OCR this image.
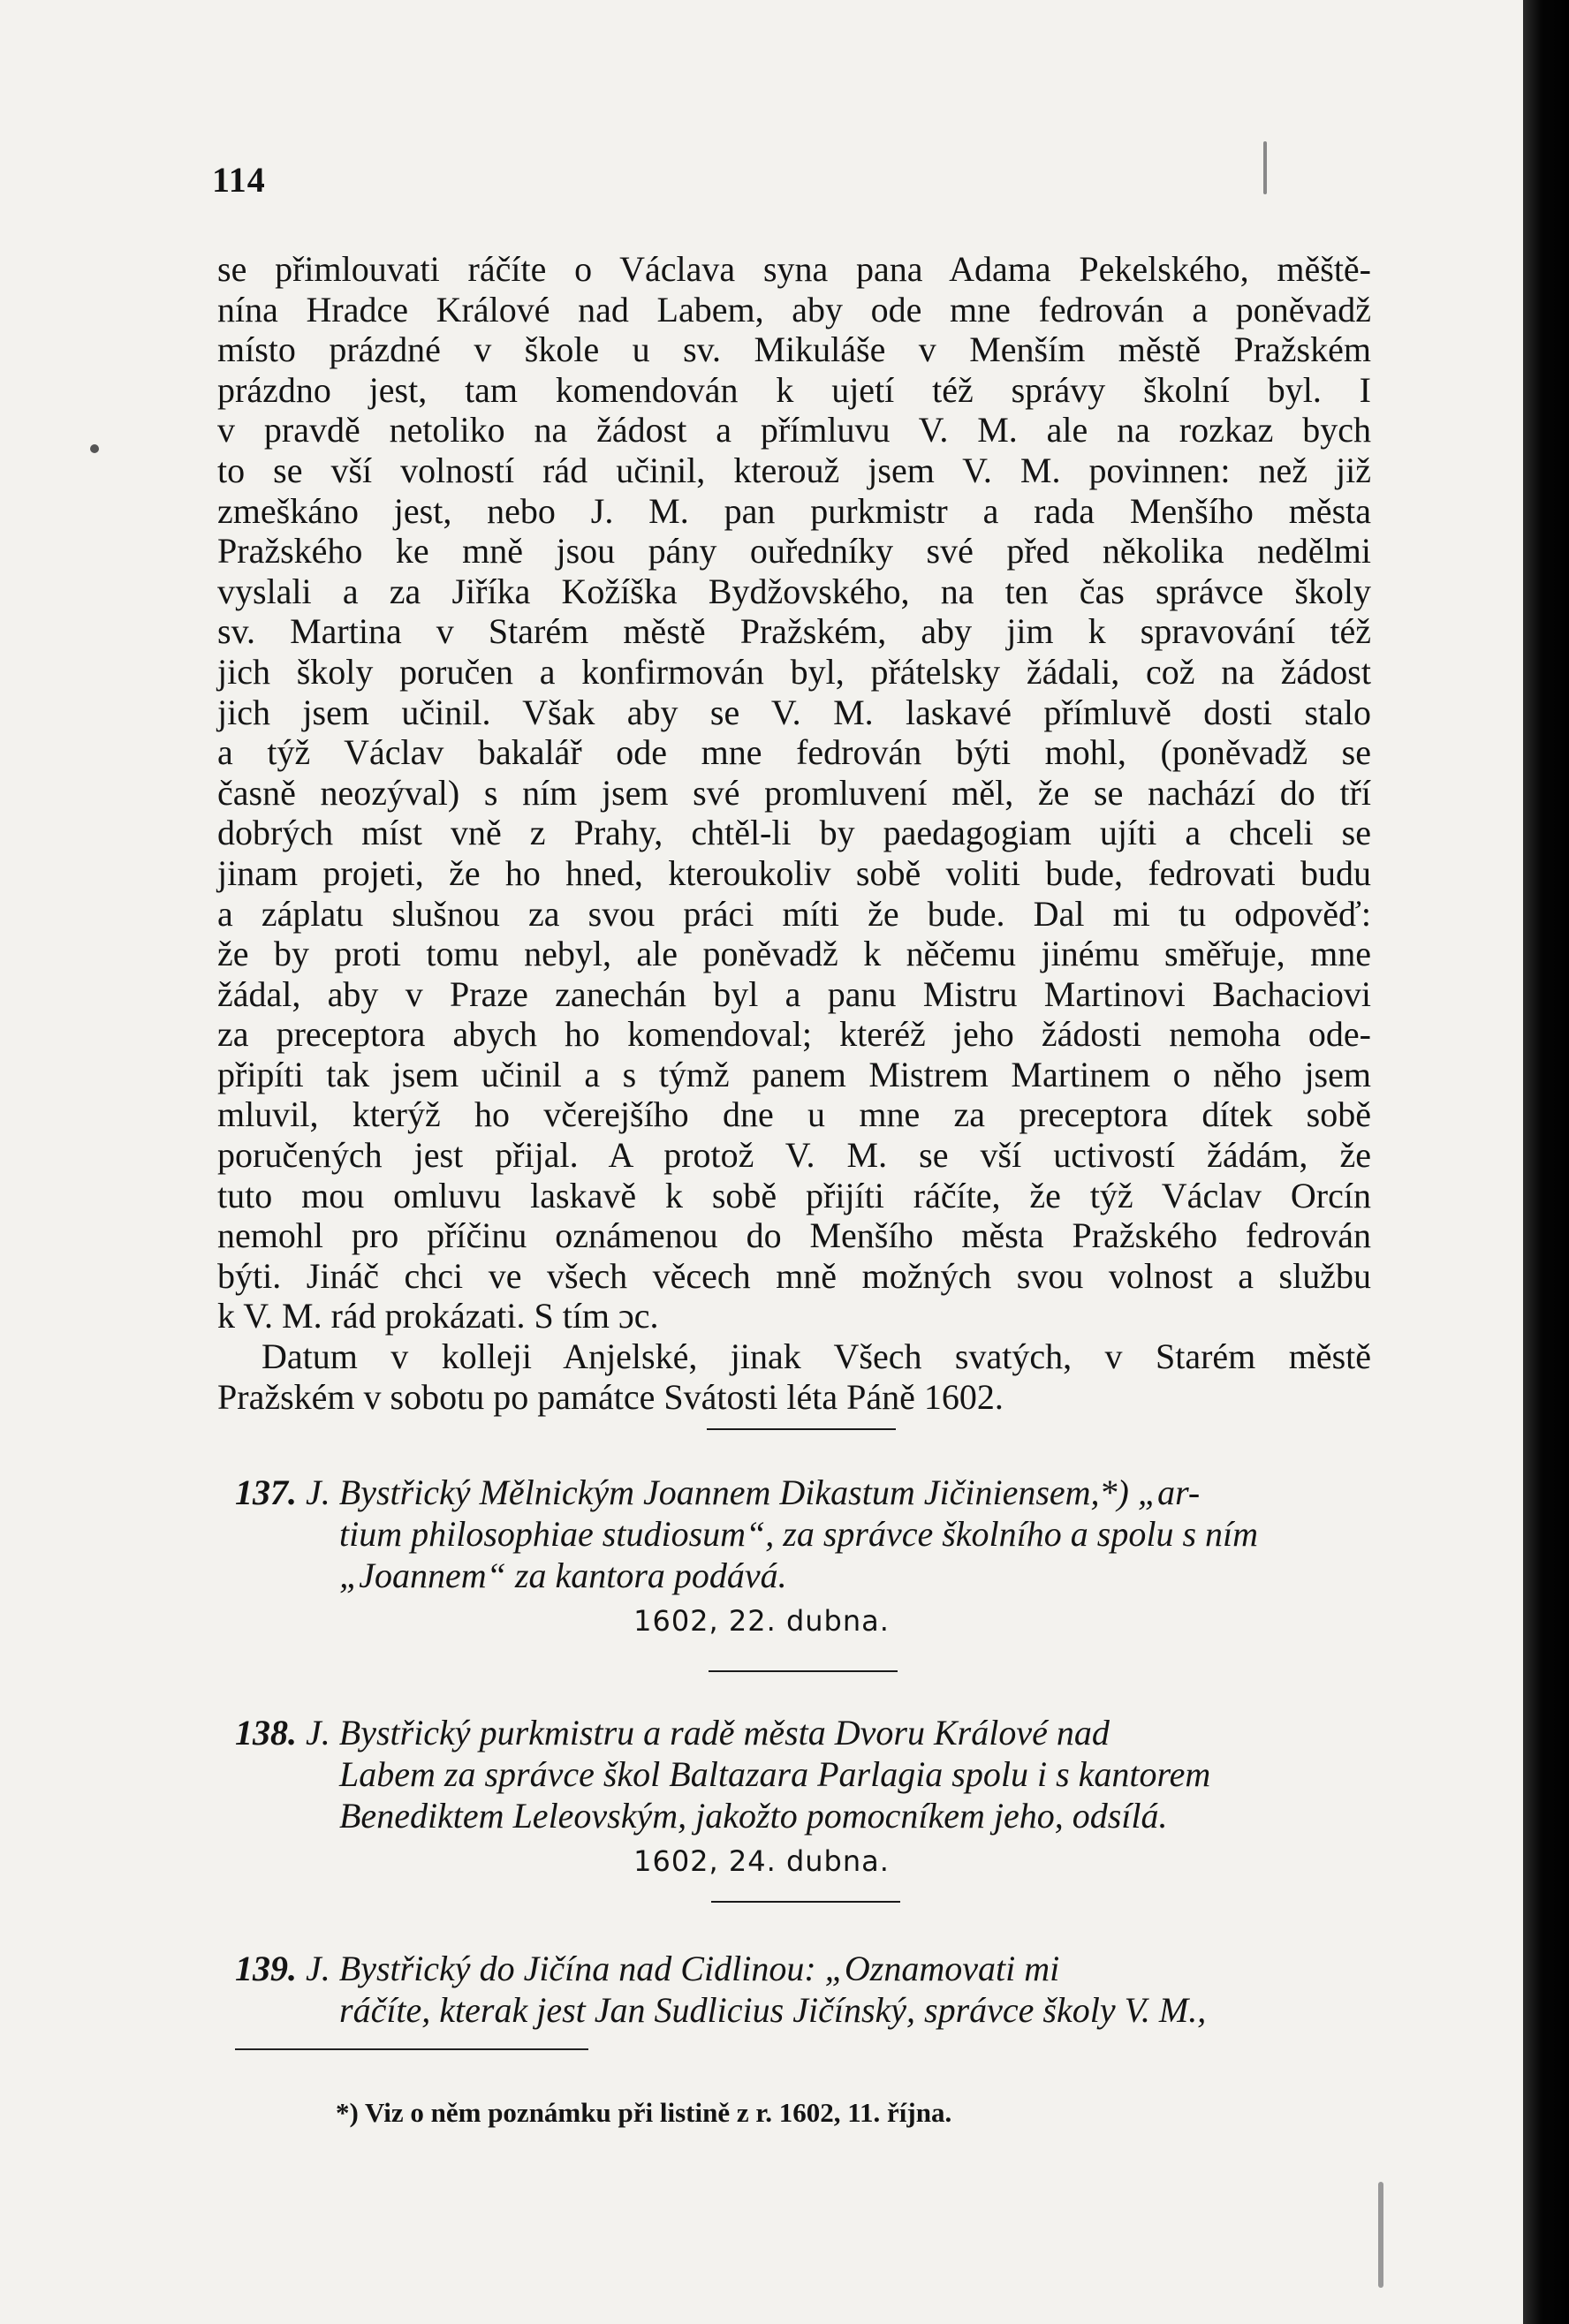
114
se přimlouvati ráčíte o Václava syna pana Adama Pekelského, měště-
nína Hradce Králové nad Labem, aby ode mne fedrován a poněvadž
místo prázdné v škole u sv. Mikuláše v Menším městě Pražském
prázdno jest, tam komendován k ujetí též správy školní byl. I
v pravdě netoliko na žádost a přímluvu V. M. ale na rozkaz bych
to se vší volností rád učinil, kterouž jsem V. M. povinnen: než již
zmeškáno jest, nebo J. M. pan purkmistr a rada Menšího města
Pražského ke mně jsou pány ouředníky své před několika nedělmi
vyslali a za Jiříka Kožíška Bydžovského, na ten čas správce školy
sv. Martina v Starém městě Pražském, aby jim k spravování též
jich školy poručen a konfirmován byl, přátelsky žádali, což na žádost
jich jsem učinil. Však aby se V. M. laskavé přímluvě dosti stalo
a týž Václav bakalář ode mne fedrován býti mohl, (poněvadž se
časně neozýval) s ním jsem své promluvení měl, že se nachází do tří
dobrých míst vně z Prahy, chtěl-li by paedagogiam ujíti a chceli se
jinam projeti, že ho hned, kteroukoliv sobě voliti bude, fedrovati budu
a záplatu slušnou za svou práci míti že bude. Dal mi tu odpověď:
že by proti tomu nebyl, ale poněvadž k něčemu jinému směřuje, mne
žádal, aby v Praze zanechán byl a panu Mistru Martinovi Bachaciovi
za preceptora abych ho komendoval; kteréž jeho žádosti nemoha ode-
připíti tak jsem učinil a s týmž panem Mistrem Martinem o něho jsem
mluvil, kterýž ho včerejšího dne u mne za preceptora dítek sobě
poručených jest přijal. A protož V. M. se vší uctivostí žádám, že
tuto mou omluvu laskavě k sobě přijíti ráčíte, že týž Václav Orcín
nemohl pro příčinu oznámenou do Menšího města Pražského fedrován
býti. Jináč chci ve všech věcech mně možných svou volnost a službu
k V. M. rád prokázati. S tím ɔc.
Datum v kolleji Anjelské, jinak Všech svatých, v Starém městě
Pražském v sobotu po památce Svátosti léta Páně 1602.
137. J. Bystřický Mělnickým Joannem Dikastum Jičiniensem,*) „ar-
tium philosophiae studiosum“, za správce školního a spolu s ním
„Joannem“ za kantora podává.
1602, 22. dubna.
138. J. Bystřický purkmistru a radě města Dvoru Králové nad
Labem za správce škol Baltazara Parlagia spolu i s kantorem
Benediktem Leleovským, jakožto pomocníkem jeho, odsílá.
1602, 24. dubna.
139. J. Bystřický do Jičína nad Cidlinou: „Oznamovati mi
ráčíte, kterak jest Jan Sudlicius Jičínský, správce školy V. M.,
*) Viz o něm poznámku při listině z r. 1602, 11. října.
